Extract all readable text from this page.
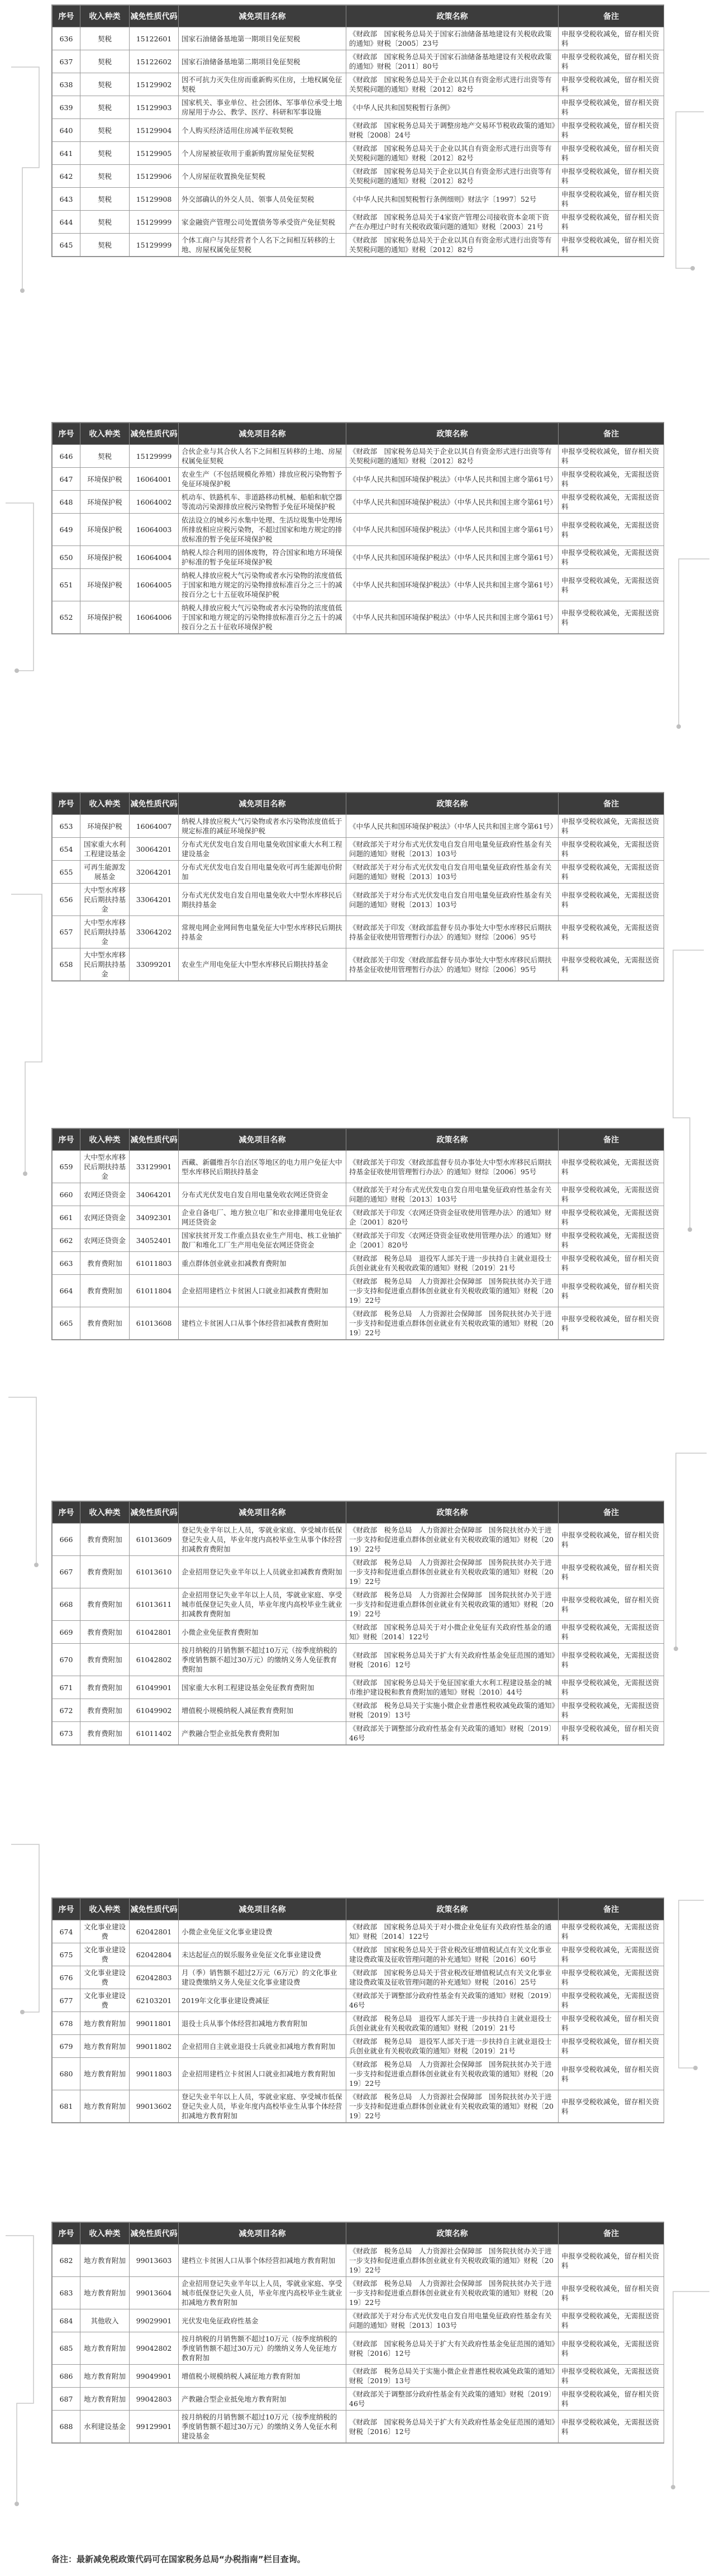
序号	收入种类	减免性质代码	减免项目名称	政策名称	备注
636	契税	15122601	国家石油储备基地第一期项目免征契税	《财政部　国家税务总局关于国家石油储备基地建设有关税收政策的通知》财税〔2005〕23号	申报享受税收减免，留存相关资料
637	契税	15122602	国家石油储备基地第二期项目免征契税	《财政部　国家税务总局关于国家石油储备基地建设有关税收政策的通知》财税〔2011〕80号	申报享受税收减免，留存相关资料
638	契税	15129902	因不可抗力灭失住房而重新购买住房，土地权属免征契税	《财政部　国家税务总局关于企业以其自有资金形式进行出资等有关契税问题的通知》财税〔2012〕82号	申报享受税收减免，留存相关资料
639	契税	15129903	国家机关、事业单位、社会团体、军事单位承受土地房屋用于办公、教学、医疗、科研和军事设施	《中华人民共和国契税暂行条例》	申报享受税收减免，留存相关资料
640	契税	15129904	个人购买经济适用住房减半征收契税	《财政部　国家税务总局关于调整房地产交易环节税收政策的通知》财税〔2008〕24号	申报享受税收减免，留存相关资料
641	契税	15129905	个人房屋被征收用于重新购置房屋免征契税	《财政部　国家税务总局关于企业以其自有资金形式进行出资等有关契税问题的通知》财税〔2012〕82号	申报享受税收减免，留存相关资料
642	契税	15129906	个人房屋征收置换免征契税	《财政部　国家税务总局关于企业以其自有资金形式进行出资等有关契税问题的通知》财税〔2012〕82号	申报享受税收减免，留存相关资料
643	契税	15129908	外交部确认的外交人员、领事人员免征契税	《中华人民共和国契税暂行条例细则》财法字〔1997〕52号	申报享受税收减免，留存相关资料
644	契税	15129999	家金融资产管理公司处置债务等承受资产免征契税	《财政部　国家税务总局关于4家资产管理公司接收资本金项下资产在办理过户时有关税收政策问题的通知》财税〔2003〕21号	申报享受税收减免，留存相关资料
645	契税	15129999	个体工商户与其经营者个人名下之间相互转移的土地、房屋权属免征契税	《财政部　国家税务总局关于企业以其自有资金形式进行出资等有关契税问题的通知》财税〔2012〕82号	申报享受税收减免，留存相关资料
序号	收入种类	减免性质代码	减免项目名称	政策名称	备注
646	契税	15129999	合伙企业与其合伙人名下之间相互转移的土地、房屋权属免征契税	《财政部　国家税务总局关于企业以其自有资金形式进行出资等有关契税问题的通知》财税〔2012〕82号	申报享受税收减免，留存相关资料
647	环境保护税	16064001	农业生产（不包括规模化养殖）排放应税污染物暂予免征环境保护税	《中华人民共和国环境保护税法》（中华人民共和国主席令第61号）	申报享受税收减免，无需报送资料
648	环境保护税	16064002	机动车、铁路机车、非道路移动机械、船舶和航空器等流动污染源排放应税污染物暂予免征环境保护税	《中华人民共和国环境保护税法》（中华人民共和国主席令第61号）	申报享受税收减免，无需报送资料
649	环境保护税	16064003	依法设立的城乡污水集中处理、生活垃圾集中处理场所排放相应应税污染物，不超过国家和地方规定的排放标准的暂予免征环境保护税	《中华人民共和国环境保护税法》（中华人民共和国主席令第61号）	申报享受税收减免，无需报送资料
650	环境保护税	16064004	纳税人综合利用的固体废物，符合国家和地方环境保护标准的暂予免征环境保护税	《中华人民共和国环境保护税法》（中华人民共和国主席令第61号）	申报享受税收减免，无需报送资料
651	环境保护税	16064005	纳税人排放应税大气污染物或者水污染物的浓度值低于国家和地方规定的污染物排放标准百分之三十的减按百分之七十五征收环境保护税	《中华人民共和国环境保护税法》（中华人民共和国主席令第61号）	申报享受税收减免，无需报送资料
652	环境保护税	16064006	纳税人排放应税大气污染物或者水污染物的浓度值低于国家和地方规定的污染物排放标准百分之五十的减按百分之五十征收环境保护税	《中华人民共和国环境保护税法》（中华人民共和国主席令第61号）	申报享受税收减免，无需报送资料
序号	收入种类	减免性质代码	减免项目名称	政策名称	备注
653	环境保护税	16064007	纳税人排放应税大气污染物或者水污染物浓度值低于规定标准的减征环境保护税	《中华人民共和国环境保护税法》（中华人民共和国主席令第61号）	申报享受税收减免，无需报送资料
654	国家重大水利工程建设基金	30064201	分布式光伏发电自发自用电量免收国家重大水利工程建设基金	《财政部关于对分布式光伏发电自发自用电量免征政府性基金有关问题的通知》财税〔2013〕103号	申报享受税收减免，无需报送资料
655	可再生能源发展基金	32064201	分布式光伏发电自发自用电量免收可再生能源电价附加	《财政部关于对分布式光伏发电自发自用电量免征政府性基金有关问题的通知》财税〔2013〕103号	申报享受税收减免，无需报送资料
656	大中型水库移民后期扶持基金	33064201	分布式光伏发电自发自用电量免收大中型水库移民后期扶持基金	《财政部关于对分布式光伏发电自发自用电量免征政府性基金有关问题的通知》财税〔2013〕103号	申报享受税收减免，无需报送资料
657	大中型水库移民后期扶持基金	33064202	常规电网企业网间售电量免征大中型水库移民后期扶持基金	《财政部关于印发〈财政部监督专员办事处大中型水库移民后期扶持基金征收使用管理暂行办法〉的通知》财综〔2006〕95号	申报享受税收减免，无需报送资料
658	大中型水库移民后期扶持基金	33099201	农业生产用电免征大中型水库移民后期扶持基金	《财政部关于印发〈财政部监督专员办事处大中型水库移民后期扶持基金征收使用管理暂行办法〉的通知》财综〔2006〕95号	申报享受税收减免，无需报送资料
序号	收入种类	减免性质代码	减免项目名称	政策名称	备注
659	大中型水库移民后期扶持基金	33129901	西藏、新疆维吾尔自治区等地区的电力用户免征大中型水库移民后期扶持基金	《财政部关于印发〈财政部监督专员办事处大中型水库移民后期扶持基金征收使用管理暂行办法〉的通知》财综〔2006〕95号	申报享受税收减免，无需报送资料
660	农网还贷资金	34064201	分布式光伏发电自发自用电量免收农网还贷资金	《财政部关于对分布式光伏发电自发自用电量免征政府性基金有关问题的通知》财税〔2013〕103号	申报享受税收减免，无需报送资料
661	农网还贷资金	34092301	企业自备电厂、地方独立电厂和农业排灌用电免征农网还贷资金	《财政部关于印发〈农网还贷资金征收使用管理办法〉的通知》财企〔2001〕820号	申报享受税收减免，无需报送资料
662	农网还贷资金	34052401	国家扶贫开发工作重点县农业生产用电、核工业铀扩散厂和堆化工厂生产用电免征农网还贷资金	《财政部关于印发〈农网还贷资金征收使用管理办法〉的通知》财企〔2001〕820号	申报享受税收减免，无需报送资料
663	教育费附加	61011803	重点群体创业就业扣减教育费附加	《财政部　税务总局　退役军人部关于进一步扶持自主就业退役士兵创业就业有关税收政策的通知》财税〔2019〕21号	申报享受税收减免，留存相关资料
664	教育费附加	61011804	企业招用建档立卡贫困人口就业扣减教育费附加	《财政部　税务总局　人力资源社会保障部　国务院扶贫办关于进一步支持和促进重点群体创业就业有关税收政策的通知》财税〔2019〕22号	申报享受税收减免，留存相关资料
665	教育费附加	61013608	建档立卡贫困人口从事个体经营扣减教育费附加	《财政部　税务总局　人力资源社会保障部　国务院扶贫办关于进一步支持和促进重点群体创业就业有关税收政策的通知》财税〔2019〕22号	申报享受税收减免，留存相关资料
序号	收入种类	减免性质代码	减免项目名称	政策名称	备注
666	教育费附加	61013609	登记失业半年以上人员，零就业家庭、享受城市低保登记失业人员，毕业年度内高校毕业生从事个体经营扣减教育费附加	《财政部　税务总局　人力资源社会保障部　国务院扶贫办关于进一步支持和促进重点群体创业就业有关税收政策的通知》财税〔2019〕22号	申报享受税收减免，留存相关资料
667	教育费附加	61013610	企业招用登记失业半年以上人员就业扣减教育费附加	《财政部　税务总局　人力资源社会保障部　国务院扶贫办关于进一步支持和促进重点群体创业就业有关税收政策的通知》财税〔2019〕22号	申报享受税收减免，留存相关资料
668	教育费附加	61013611	企业招用登记失业半年以上人员，零就业家庭、享受城市低保登记失业人员，毕业年度内高校毕业生就业扣减教育费附加	《财政部　税务总局　人力资源社会保障部　国务院扶贫办关于进一步支持和促进重点群体创业就业有关税收政策的通知》财税〔2019〕22号	申报享受税收减免，留存相关资料
669	教育费附加	61042801	小微企业免征教育费附加	《财政部　国家税务总局关于对小微企业免征有关政府性基金的通知》财税〔2014〕122号	申报享受税收减免，无需报送资料
670	教育费附加	61042802	按月纳税的月销售额不超过10万元（按季度纳税的季度销售额不超过30万元）的缴纳义务人免征教育费附加	《财政部　国家税务总局关于扩大有关政府性基金免征范围的通知》财税〔2016〕12号	申报享受税收减免，无需报送资料
671	教育费附加	61049901	国家重大水利工程建设基金免征教育费附加	《财政部　国家税务总局关于免征国家重大水利工程建设基金的城市维护建设税和教育费附加的通知》财税〔2010〕44号	申报享受税收减免，无需报送资料
672	教育费附加	61049902	增值税小规模纳税人减征教育费附加	《财政部　税务总局关于实施小微企业普惠性税收减免政策的通知》财税〔2019〕13号	申报享受税收减免，无需报送资料
673	教育费附加	61011402	产教融合型企业抵免教育费附加	《财政部关于调整部分政府性基金有关政策的通知》财税〔2019〕46号	申报享受税收减免，留存相关资料
序号	收入种类	减免性质代码	减免项目名称	政策名称	备注
674	文化事业建设费	62042801	小微企业免征文化事业建设费	《财政部　国家税务总局关于对小微企业免征有关政府性基金的通知》财税〔2014〕122号	申报享受税收减免，无需报送资料
675	文化事业建设费	62042804	未达起征点的娱乐服务业免征文化事业建设费	《财政部　国家税务总局关于营业税改征增值税试点有关文化事业建设费政策及征收管理问题的补充通知》财税〔2016〕60号	申报享受税收减免，无需报送资料
676	文化事业建设费	62042803	月（季）销售额不超过2万元（6万元）的文化事业建设费缴纳义务人免征文化事业建设费	《财政部　国家税务总局关于营业税改征增值税试点有关文化事业建设费政策及征收管理问题的补充通知》财税〔2016〕25号	申报享受税收减免，无需报送资料
677	文化事业建设费	62103201	2019年文化事业建设费减征	《财政部关于调整部分政府性基金有关政策的通知》财税〔2019〕46号	申报享受税收减免，无需报送资料
678	地方教育附加	99011801	退役士兵从事个体经营扣减地方教育附加	《财政部　税务总局　退役军人部关于进一步扶持自主就业退役士兵创业就业有关税收政策的通知》财税〔2019〕21号	申报享受税收减免，留存相关资料
679	地方教育附加	99011802	企业招用自主就业退役士兵就业扣减地方教育附加	《财政部　税务总局　退役军人部关于进一步扶持自主就业退役士兵创业就业有关税收政策的通知》财税〔2019〕21号	申报享受税收减免，留存相关资料
680	地方教育附加	99011803	企业招用建档立卡贫困人口就业扣减地方教育附加	《财政部　税务总局　人力资源社会保障部　国务院扶贫办关于进一步支持和促进重点群体创业就业有关税收政策的通知》财税〔2019〕22号	申报享受税收减免，留存相关资料
681	地方教育附加	99013602	登记失业半年以上人员，零就业家庭、享受城市低保登记失业人员，毕业年度内高校毕业生从事个体经营扣减地方教育附加	《财政部　税务总局　人力资源社会保障部　国务院扶贫办关于进一步支持和促进重点群体创业就业有关税收政策的通知》财税〔2019〕22号	申报享受税收减免，留存相关资料
序号	收入种类	减免性质代码	减免项目名称	政策名称	备注
682	地方教育附加	99013603	建档立卡贫困人口从事个体经营扣减地方教育附加	《财政部　税务总局　人力资源社会保障部　国务院扶贫办关于进一步支持和促进重点群体创业就业有关税收政策的通知》财税〔2019〕22号	申报享受税收减免，留存相关资料
683	地方教育附加	99013604	企业招用登记失业半年以上人员，零就业家庭、享受城市低保登记失业人员，毕业年度内高校毕业生就业扣减地方教育附加	《财政部　税务总局　人力资源社会保障部　国务院扶贫办关于进一步支持和促进重点群体创业就业有关税收政策的通知》财税〔2019〕22号	申报享受税收减免，留存相关资料
684	其他收入	99029901	光伏发电免征政府性基金	《财政部关于对分布式光伏发电自发自用电量免征政府性基金有关问题的通知》财税〔2013〕103号	申报享受税收减免，无需报送资料
685	地方教育附加	99042802	按月纳税的月销售额不超过10万元（按季度纳税的季度销售额不超过30万元）的缴纳义务人免征地方教育附加	《财政部　国家税务总局关于扩大有关政府性基金免征范围的通知》财税〔2016〕12号	申报享受税收减免，无需报送资料
686	地方教育附加	99049901	增值税小规模纳税人减征地方教育附加	《财政部　税务总局关于实施小微企业普惠性税收减免政策的通知》财税〔2019〕13号	申报享受税收减免，无需报送资料
687	地方教育附加	99042803	产教融合型企业抵免地方教育附加	《财政部关于调整部分政府性基金有关政策的通知》财税〔2019〕46号	申报享受税收减免，留存相关资料
688	水利建设基金	99129901	按月纳税的月销售额不超过10万元（按季度纳税的季度销售额不超过30万元）的缴纳义务人免征水利建设基金	《财政部　国家税务总局关于扩大有关政府性基金免征范围的通知》财税〔2016〕12号	申报享受税收减免，无需报送资料
备注：最新减免税政策代码可在国家税务总局“办税指南”栏目查询。
